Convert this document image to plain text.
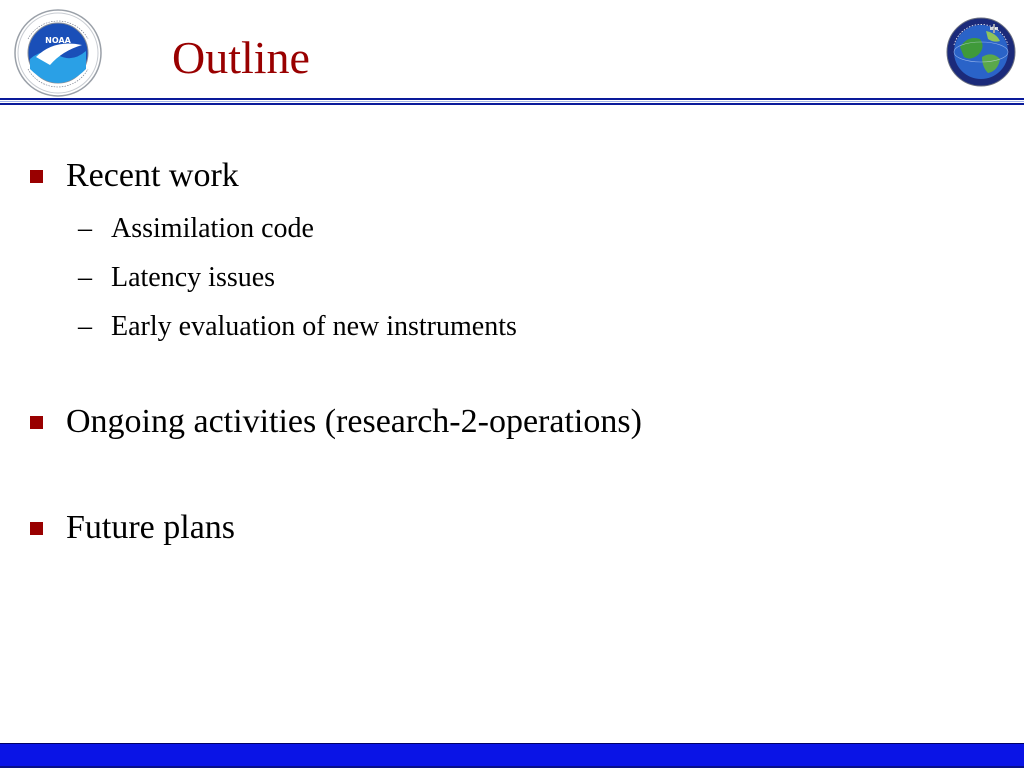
NOAA Outline
Recent work
– Assimilation code
– Latency issues
– Early evaluation of new instruments
Ongoing activities (research-2-operations)
Future plans
